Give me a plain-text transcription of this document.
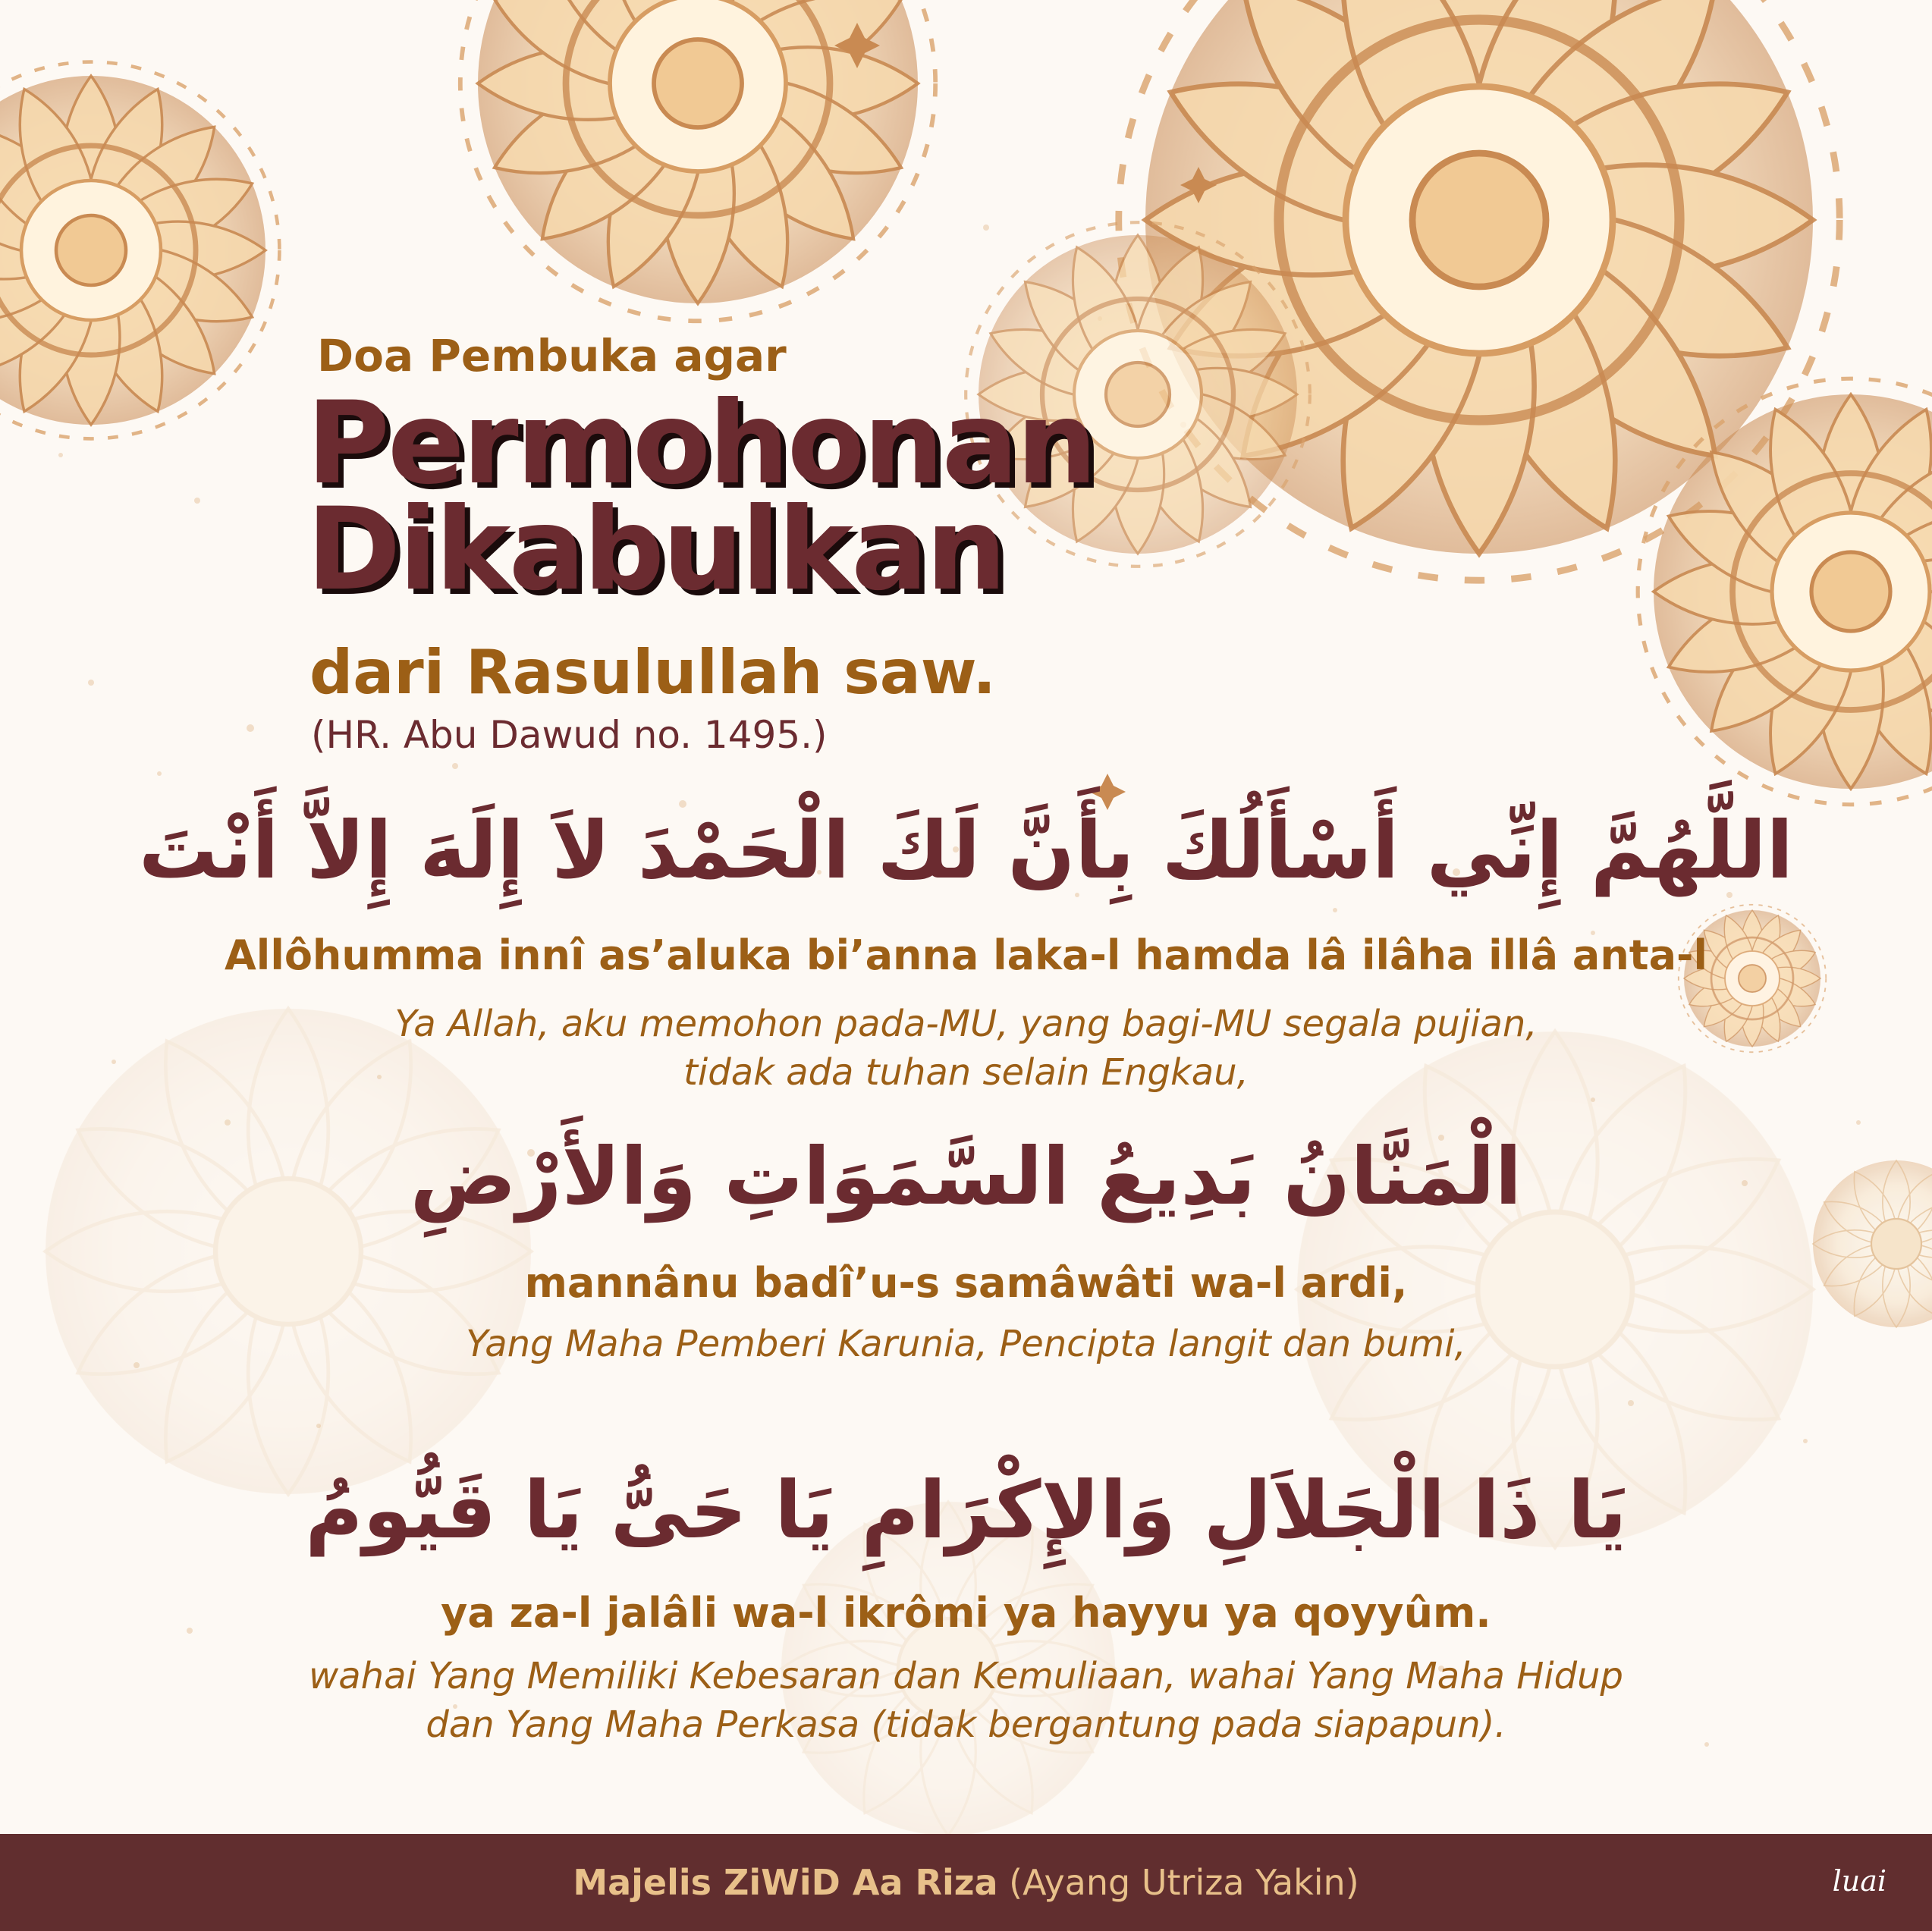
Doa Pembuka agar
Permohonan
Dikabulkan
dari Rasulullah saw.
(HR. Abu Dawud no. 1495.)
اللَّهُمَّ إِنِّي أَسْأَلُكَ بِأَنَّ لَكَ الْحَمْدَ لاَ إِلَهَ إِلاَّ أَنْتَ
Allôhumma innî as’aluka bi’anna laka-l hamda lâ ilâha illâ anta-l
Ya Allah, aku memohon pada-MU, yang bagi-MU segala pujian,
tidak ada tuhan selain Engkau,
الْمَنَّانُ بَدِيعُ السَّمَوَاتِ وَالأَرْضِ
mannânu badî’u-s samâwâti wa-l ardi,
Yang Maha Pemberi Karunia, Pencipta langit dan bumi,
يَا ذَا الْجَلاَلِ وَالإِكْرَامِ يَا حَىُّ يَا قَيُّومُ
ya za-l jalâli wa-l ikrômi ya hayyu ya qoyyûm.
wahai Yang Memiliki Kebesaran dan Kemuliaan, wahai Yang Maha Hidup
dan Yang Maha Perkasa (tidak bergantung pada siapapun).
Majelis ZiWiD Aa Riza (Ayang Utriza Yakin)	luai
